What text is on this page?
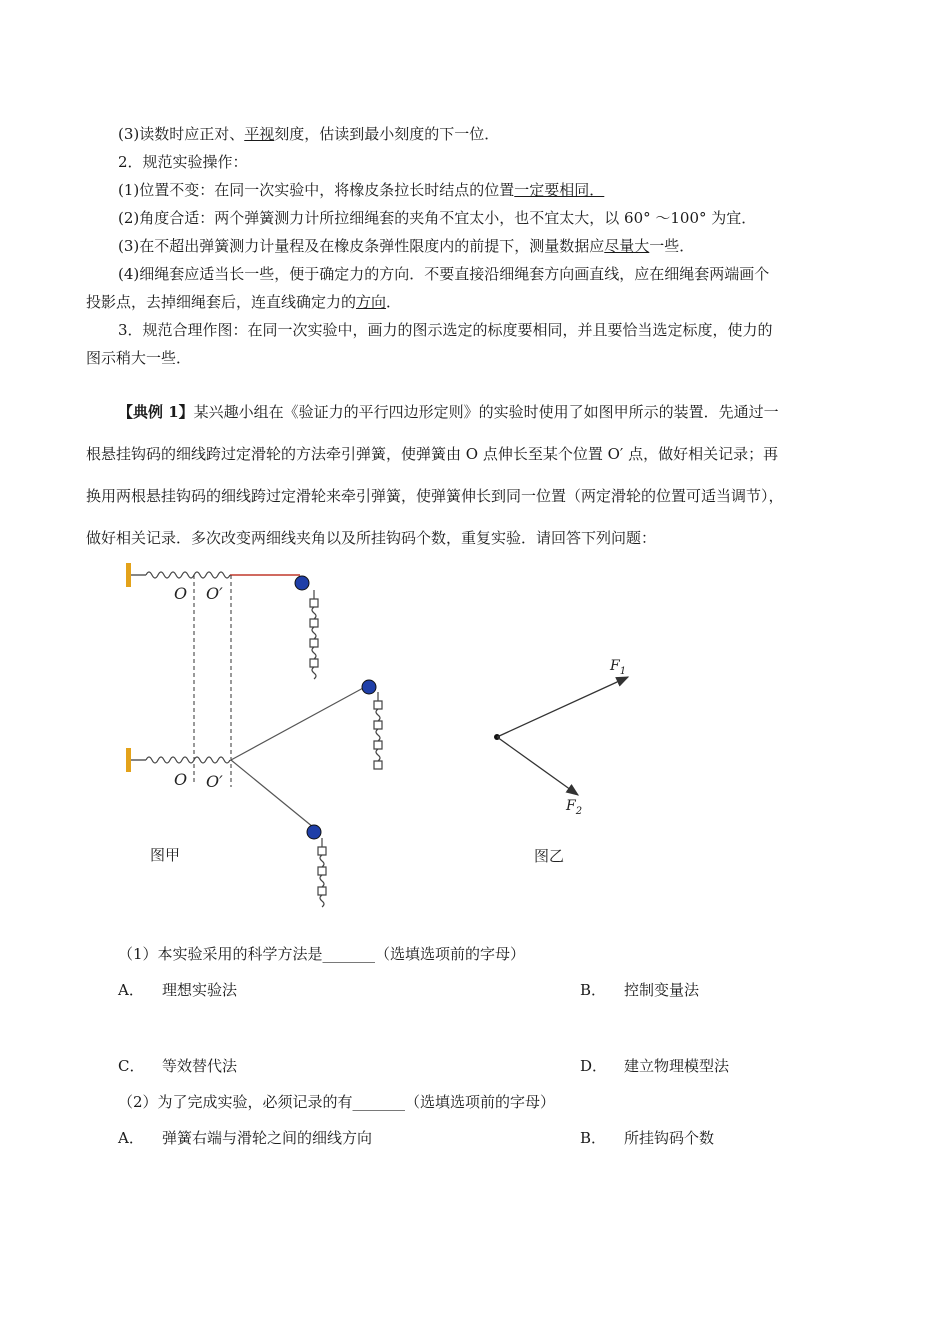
(3)读数时应正对、平视刻度，估读到最小刻度的下一位．
2．规范实验操作：
(1)位置不变：在同一次实验中，将橡皮条拉长时结点的位置一定要相同．
(2)角度合适：两个弹簧测力计所拉细绳套的夹角不宜太小，也不宜太大，以 60° ～100° 为宜．
(3)在不超出弹簧测力计量程及在橡皮条弹性限度内的前提下，测量数据应尽量大一些．
(4)细绳套应适当长一些，便于确定力的方向．不要直接沿细绳套方向画直线，应在细绳套两端画个
投影点，去掉细绳套后，连直线确定力的方向．
3．规范合理作图：在同一次实验中，画力的图示选定的标度要相同，并且要恰当选定标度，使力的
图示稍大一些．
【典例 1】某兴趣小组在《验证力的平行四边形定则》的实验时使用了如图甲所示的装置．先通过一
根悬挂钩码的细线跨过定滑轮的方法牵引弹簧，使弹簧由 O 点伸长至某个位置 O′ 点，做好相关记录；再
换用两根悬挂钩码的细线跨过定滑轮来牵引弹簧，使弹簧伸长到同一位置（两定滑轮的位置可适当调节），
做好相关记录．多次改变两细线夹角以及所挂钩码个数，重复实验．请回答下列问题：
O O′
O O′
图甲
$F_1$
$F_2$
图乙
（1）本实验采用的科学方法是_______（选填选项前的字母）
A． 理想实验法	B． 控制变量法
C． 等效替代法	D． 建立物理模型法
（2）为了完成实验，必须记录的有_______（选填选项前的字母）
A． 弹簧右端与滑轮之间的细线方向	B． 所挂钩码个数
